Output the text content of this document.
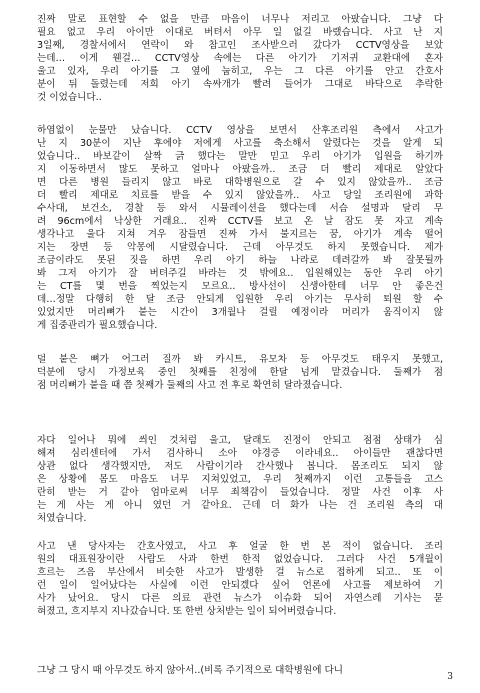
진짜 말로 표현할 수 없을 만큼 마음이 너무나 저리고 아팠습니다. 그냥 다
필요 없고 우리 아이만 이대로 버텨서 아무 일 없길 바랬습니다. 사고 난 지
3일째, 경찰서에서 연락이 와 참고인 조사받으러 갔다가 CCTV영상을 보았
는데… 이게 웬걸… CCTV영상 속에는 다른 아기가 기저귀 교환대에 혼자
울고 있자, 우리 아기를 그 옆에 눕히고, 우는 그 다른 아기를 안고 간호사
분이 뒤 돌렸는데 저희 아기 속싸개가 빨려 들어가 그대로 바닥으로 추락한
것 이었습니다..
하염없이 눈물만 났습니다. CCTV 영상을 보면서 산후조리원 측에서 사고가
난 지 30분이 지난 후에야 저에게 사고를 축소해서 알렸다는 것을 알게 되
었습니다.. 바보같이 살짝 긁 했다는 말만 믿고 우리 아기가 입원을 하기까
지 이동하면서 많도 못하고 얼마나 아팠을까.. 조금 더 빨리 제대로 알았다
면 다른 병원 들리지 않고 바로 대학병원으로 갈 수 있지 않았을까.. 조금
더 빨리 제대로 치료를 받을 수 있지 않았을까.. 사고 당일 조리원에 과학
수사대, 보건소, 경찰 등 와서 시뮬레이션을 했다는데 서슴 설명과 달리 무
려 96cm에서 낙상한 거래요.. 진짜 CCTV를 보고 온 날 잠도 못 자고 계속
생각나고 울다 지쳐 겨우 잠들면 진짜 가서 불지르는 꿈, 아기가 계속 떨어
지는 장면 등 악몽에 시달렸습니다. 근데 아무것도 하지 못했습니다. 제가
조금이라도 못된 짓을 하면 우리 아기 하늘 나라로 데려갈까 봐 잘못될까
봐 그저 아기가 잘 버텨주길 바라는 것 밖에요.. 입원해있는 동안 우리 아기
는 CT를 몇 번을 찍었는지 모르요.. 방사선이 신생아한테 너무 안 좋은건
데…정말 다행히 한 달 조금 안되게 입원한 우리 아기는 무사히 퇴원 할 수
있었지만 머리뼈가 붙는 시간이 3개월나 걸릴 예정이라 머리가 움직이지 않
게 집중관리가 필요했습니다.
덜 붙은 뼈가 어그러 질까 봐 카시트, 유모차 등 아무것도 태우지 못했고,
덕분에 당시 가정보육 중인 첫째를 친정에 한달 넘게 맡겼습니다. 둘째가 점
점 머리뼈가 붙을 때 쯤 첫째가 둘째의 사고 전 후로 확연히 달라졌습니다.
자다 일어나 뭐에 씌인 것처럼 울고, 달래도 진정이 안되고 점점 상태가 심
해져 심리센터에 가서 검사하니 소아 야경증 이라네요.. 아이들만 괜찮다면
상관 없다 생각했지만, 저도 사람이기라 간사했나 봅니다. 몸조리도 되지 않
은 상황에 몸도 마음도 너무 지쳐있었고, 우리 첫째까지 이런 고통들을 고스
란히 받는 거 같아 엄마로써 너무 죄책감이 들었습니다. 정말 사건 이후 사
는 게 사는 게 아니 였던 거 같아요. 근데 더 화가 나는 건 조리원 측의 대
처였습니다.
사고 낸 당사자는 간호사였고, 사고 후 얼굴 한 번 본 적이 없습니다. 조리
원의 대표원장이란 사람도 사과 한번 한적 없었습니다. 그러다 사건 5개월이
흐르는 즈음 부산에서 비슷한 사고가 발생한 걸 뉴스로 접하게 되고.. 또 이
런 일이 일어났다는 사실에 이런 안되겠다 싶어 언론에 사고를 제보하여 기
사가 났어요. 당시 다른 의료 관련 뉴스가 이슈화 되어 자연스레 기사는 묻
혀졌고, 흐지부지 지나갔습니다. 또 한번 상처받는 일이 되어버렸습니다.
그냥 그 당시 때 아무것도 하지 않아서..(비록 주기적으로 대학병원에 다니
3
